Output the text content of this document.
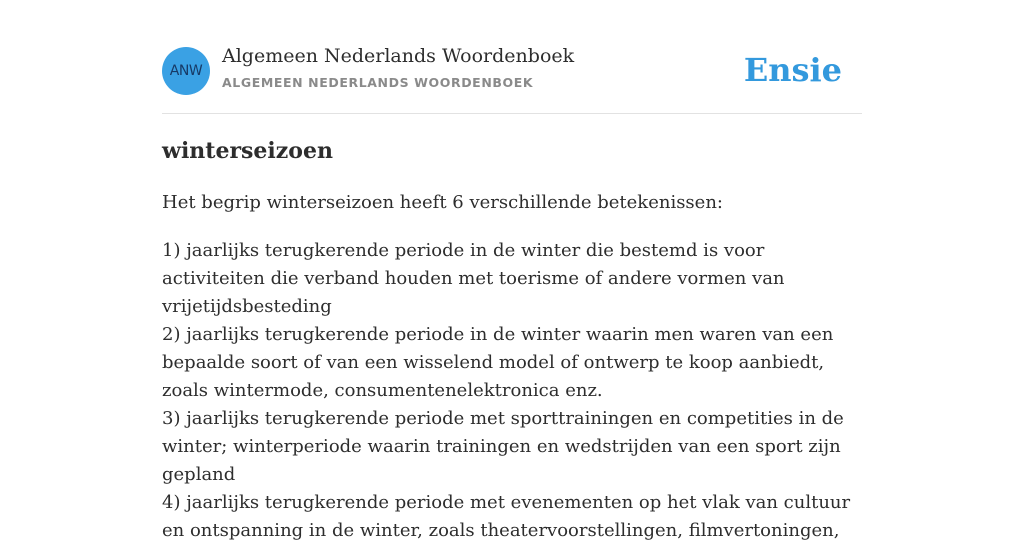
ANW
Algemeen Nederlands Woordenboek
ALGEMEEN NEDERLANDS WOORDENBOEK	Ensie
winterseizoen

Het begrip winterseizoen heeft 6 verschillende betekenissen:

1) jaarlijks terugkerende periode in de winter die bestemd is voor activiteiten die verband houden met toerisme of andere vormen van vrijetijdsbesteding
2) jaarlijks terugkerende periode in de winter waarin men waren van een bepaalde soort of van een wisselend model of ontwerp te koop aanbiedt, zoals wintermode, consumentenelektronica enz.
3) jaarlijks terugkerende periode met sporttrainingen en competities in de winter; winterperiode waarin trainingen en wedstrijden van een sport zijn gepland
4) jaarlijks terugkerende periode met evenementen op het vlak van cultuur en ontspanning in de winter, zoals theatervoorstellingen, filmvertoningen,
